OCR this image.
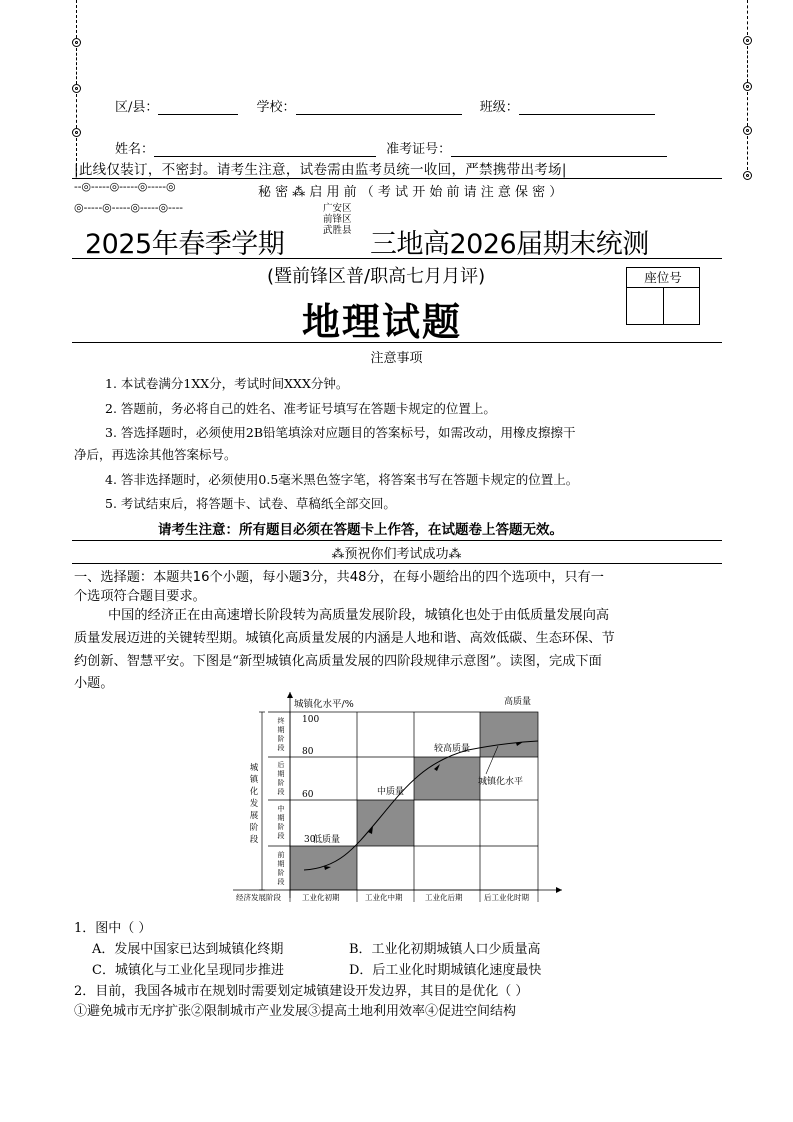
区/县：	学校：	班级：
姓名：	准考证号：
|此线仅装订，不密封。请考生注意，试卷需由监考员统一收回，严禁携带出考场|
--◎-----◎-----◎-----◎
◎-----◎-----◎-----◎----
秘 密 ⁂ 启 用 前 （ 考 试 开 始 前 请 注 意 保 密 ）
广安区
前锋区
武胜县
2025年春季学期	三地高2026届期末统测
(暨前锋区普/职高七月月评)
地理试题
座位号
注意事项
1. 本试卷满分1XX分，考试时间XXX分钟。
2. 答题前，务必将自己的姓名、准考证号填写在答题卡规定的位置上。
3. 答选择题时，必须使用2B铅笔填涂对应题目的答案标号，如需改动，用橡皮擦擦干
净后，再选涂其他答案标号。
4. 答非选择题时，必须使用0.5毫米黑色签字笔，将答案书写在答题卡规定的位置上。
5. 考试结束后，将答题卡、试卷、草稿纸全部交回。
请考生注意：所有题目必须在答题卡上作答，在试题卷上答题无效。
⁂预祝你们考试成功⁂
一、选择题：本题共16个小题，每小题3分，共48分，在每小题给出的四个选项中，只有一
个选项符合题目要求。
中国的经济正在由高速增长阶段转为高质量发展阶段，城镇化也处于由低质量发展向高
质量发展迈进的关键转型期。城镇化高质量发展的内涵是人地和谐、高效低碳、生态环保、节
约创新、智慧平安。下图是“新型城镇化高质量发展的四阶段规律示意图”。读图，完成下面
小题。
城镇化水平/%
100
80
60
30
低质量
中质量
较高质量
高质量
城镇化水平
终期阶段
后期阶段
中期阶段
前期阶段
城镇化发展阶段
经济发展阶段	工业化初期	工业化中期	工业化后期	后工业化时期
1．图中（ ）
A．发展中国家已达到城镇化终期	B．工业化初期城镇人口少质量高
C．城镇化与工业化呈现同步推进	D．后工业化时期城镇化速度最快
2．目前，我国各城市在规划时需要划定城镇建设开发边界，其目的是优化（ ）
①避免城市无序扩张②限制城市产业发展③提高土地利用效率④促进空间结构
